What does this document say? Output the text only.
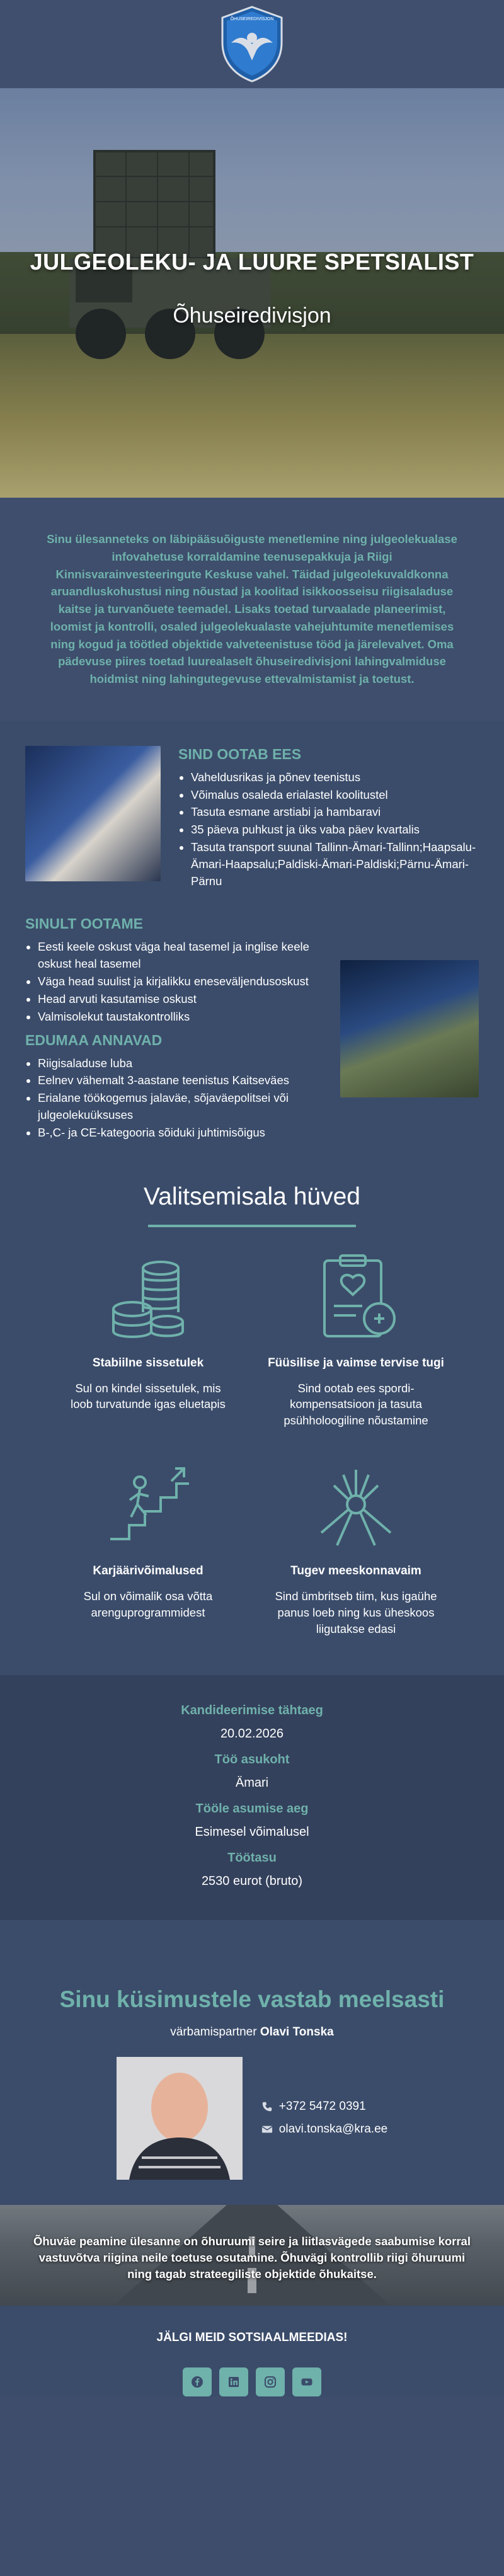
ÕHUSEIREDIVISJON
JULGEOLEKU- JA LUURE SPETSIALIST
Õhuseiredivisjon
Sinu ülesanneteks on läbipääsuõiguste menetlemine ning julgeolekualase infovahetuse korraldamine teenusepakkuja ja Riigi Kinnisvarainvesteeringute Keskuse vahel. Täidad julgeolekuvaldkonna aruandluskohustusi ning nõustad ja koolitad isikkoosseisu riigisaladuse kaitse ja turvanõuete teemadel. Lisaks toetad turvaalade planeerimist, loomist ja kontrolli, osaled julgeolekualaste vahejuhtumite menetlemises ning kogud ja töötled objektide valveteenistuse tööd ja järelevalvet. Oma pädevuse piires toetad luurealaselt õhuseiredivisjoni lahingvalmiduse hoidmist ning lahingutegevuse ettevalmistamist ja toetust.
SIND OOTAB EES
• Vaheldusrikas ja põnev teenistus
• Võimalus osaleda erialastel koolitustel
• Tasuta esmane arstiabi ja hambaravi
• 35 päeva puhkust ja üks vaba päev kvartalis
• Tasuta transport suunal Tallinn-Ämari-Tallinn;Haapsalu-Ämari-Haapsalu;Paldiski-Ämari-Paldiski;Pärnu-Ämari-Pärnu
SINULT OOTAME
• Eesti keele oskust väga heal tasemel ja inglise keele oskust heal tasemel
• Väga head suulist ja kirjalikku eneseväljendusoskust
• Head arvuti kasutamise oskust
• Valmisolekut taustakontrolliks
EDUMAA ANNAVAD
• Riigisaladuse luba
• Eelnev vähemalt 3-aastane teenistus Kaitseväes
• Erialane töökogemus jalaväe, sõjaväepolitsei või julgeolekuüksuses
• B-,C- ja CE-kategooria sõiduki juhtimisõigus
Valitsemisala hüved
Stabiilne sissetulek
Sul on kindel sissetulek, mis loob turvatunde igas eluetapis
Füüsilise ja vaimse tervise tugi
Sind ootab ees spordi-kompensatsioon ja tasuta psühholoogiline nõustamine
Karjäärivõimalused
Sul on võimalik osa võtta arenguprogrammidest
Tugev meeskonnavaim
Sind ümbritseb tiim, kus igaühe panus loeb ning kus üheskoos liigutakse edasi
Kandideerimise tähtaeg
20.02.2026
Töö asukoht
Ämari
Tööle asumise aeg
Esimesel võimalusel
Töötasu
2530 eurot (bruto)
Sinu küsimustele vastab meelsasti
värbamispartner Olavi Tonska
+372 5472 0391
olavi.tonska@kra.ee
Õhuväe peamine ülesanne on õhuruumi seire ja liitlasvägede saabumise korral vastuvõtva riigina neile toetuse osutamine. Õhuvägi kontrollib riigi õhuruumi ning tagab strateegiliste objektide õhukaitse.
JÄLGI MEID SOTSIAALMEEDIAS!
